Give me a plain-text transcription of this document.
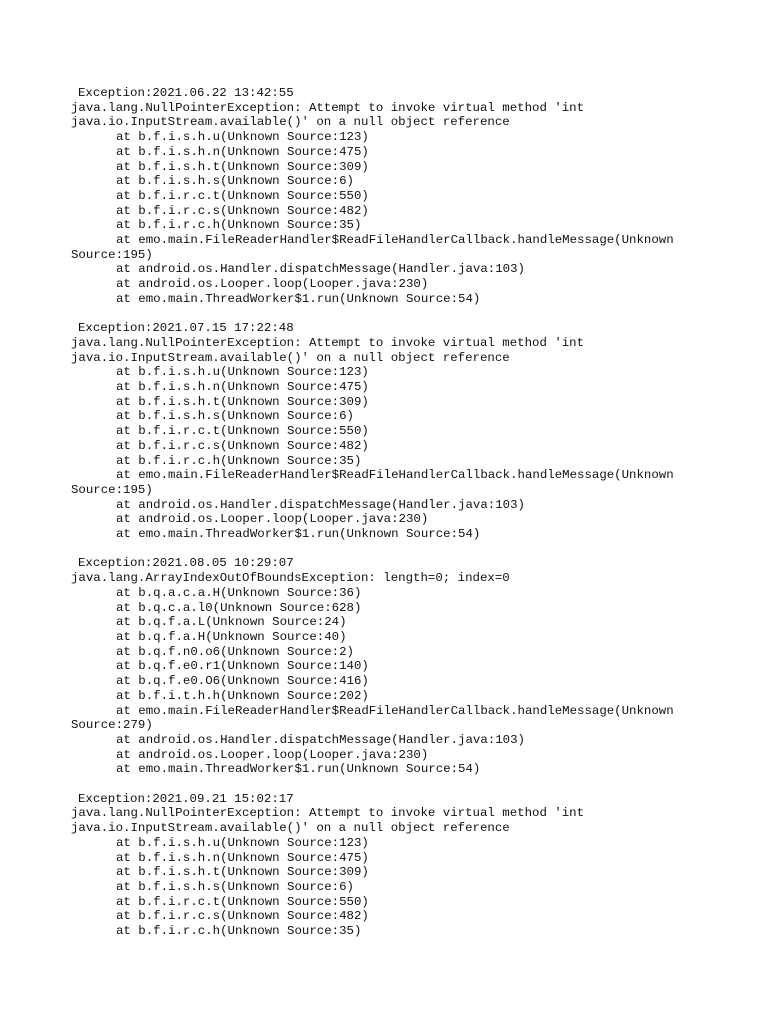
Exception:2021.06.22 13:42:55
java.lang.NullPointerException: Attempt to invoke virtual method 'int
java.io.InputStream.available()' on a null object reference
at b.f.i.s.h.u(Unknown Source:123)
at b.f.i.s.h.n(Unknown Source:475)
at b.f.i.s.h.t(Unknown Source:309)
at b.f.i.s.h.s(Unknown Source:6)
at b.f.i.r.c.t(Unknown Source:550)
at b.f.i.r.c.s(Unknown Source:482)
at b.f.i.r.c.h(Unknown Source:35)
at emo.main.FileReaderHandler$ReadFileHandlerCallback.handleMessage(Unknown
Source:195)
at android.os.Handler.dispatchMessage(Handler.java:103)
at android.os.Looper.loop(Looper.java:230)
at emo.main.ThreadWorker$1.run(Unknown Source:54)
Exception:2021.07.15 17:22:48
java.lang.NullPointerException: Attempt to invoke virtual method 'int
java.io.InputStream.available()' on a null object reference
at b.f.i.s.h.u(Unknown Source:123)
at b.f.i.s.h.n(Unknown Source:475)
at b.f.i.s.h.t(Unknown Source:309)
at b.f.i.s.h.s(Unknown Source:6)
at b.f.i.r.c.t(Unknown Source:550)
at b.f.i.r.c.s(Unknown Source:482)
at b.f.i.r.c.h(Unknown Source:35)
at emo.main.FileReaderHandler$ReadFileHandlerCallback.handleMessage(Unknown
Source:195)
at android.os.Handler.dispatchMessage(Handler.java:103)
at android.os.Looper.loop(Looper.java:230)
at emo.main.ThreadWorker$1.run(Unknown Source:54)
Exception:2021.08.05 10:29:07
java.lang.ArrayIndexOutOfBoundsException: length=0; index=0
at b.q.a.c.a.H(Unknown Source:36)
at b.q.c.a.l0(Unknown Source:628)
at b.q.f.a.L(Unknown Source:24)
at b.q.f.a.H(Unknown Source:40)
at b.q.f.n0.o6(Unknown Source:2)
at b.q.f.e0.r1(Unknown Source:140)
at b.q.f.e0.O6(Unknown Source:416)
at b.f.i.t.h.h(Unknown Source:202)
at emo.main.FileReaderHandler$ReadFileHandlerCallback.handleMessage(Unknown
Source:279)
at android.os.Handler.dispatchMessage(Handler.java:103)
at android.os.Looper.loop(Looper.java:230)
at emo.main.ThreadWorker$1.run(Unknown Source:54)
Exception:2021.09.21 15:02:17
java.lang.NullPointerException: Attempt to invoke virtual method 'int
java.io.InputStream.available()' on a null object reference
at b.f.i.s.h.u(Unknown Source:123)
at b.f.i.s.h.n(Unknown Source:475)
at b.f.i.s.h.t(Unknown Source:309)
at b.f.i.s.h.s(Unknown Source:6)
at b.f.i.r.c.t(Unknown Source:550)
at b.f.i.r.c.s(Unknown Source:482)
at b.f.i.r.c.h(Unknown Source:35)
